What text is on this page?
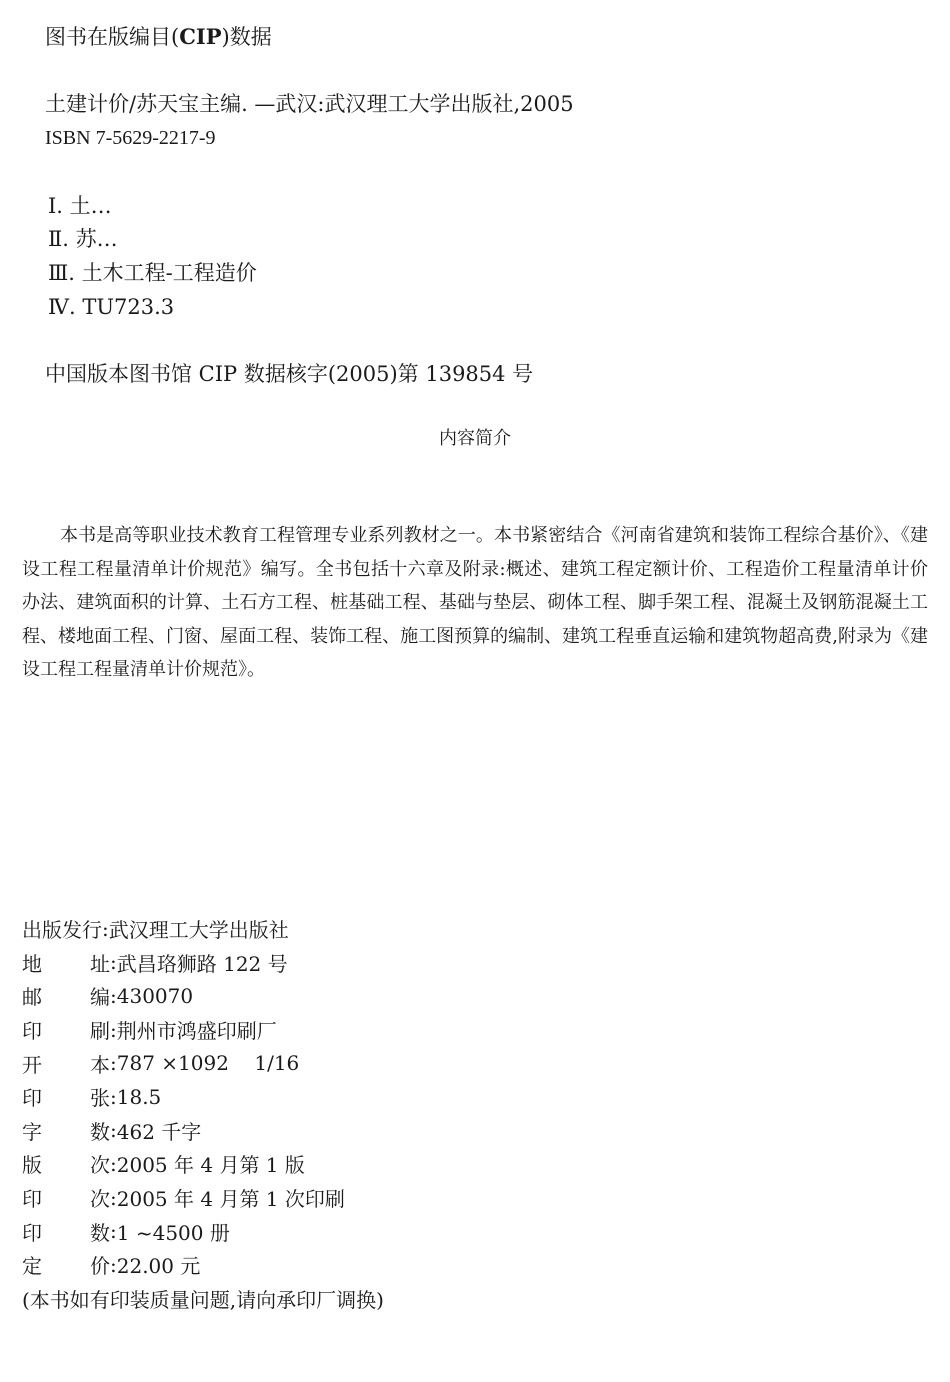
图书在版编目(CIP)数据
土建计价/苏天宝主编. —武汉:武汉理工大学出版社,2005
ISBN 7-5629-2217-9
Ⅰ. 土…
Ⅱ. 苏…
Ⅲ. 土木工程-工程造价
Ⅳ. TU723.3
中国版本图书馆 CIP 数据核字(2005)第 139854 号
内容简介

本书是高等职业技术教育工程管理专业系列教材之一。本书紧密结合《河南省建筑和装饰工程综合基价》、《建设工程工程量清单计价规范》编写。全书包括十六章及附录:概述、建筑工程定额计价、工程造价工程量清单计价办法、建筑面积的计算、土石方工程、桩基础工程、基础与垫层、砌体工程、脚手架工程、混凝土及钢筋混凝土工程、楼地面工程、门窗、屋面工程、装饰工程、施工图预算的编制、建筑工程垂直运输和建筑物超高费,附录为《建设工程工程量清单计价规范》。

出 版 发 行 : 武汉理工大学出版社
地 址 : 武昌珞狮路 122 号
邮 编 : 430070
印 刷 : 荆州市鸿盛印刷厂
开 本 : 787 ×1092    1/16
印 张 : 18.5
字 数 : 462 千字
版 次 : 2005 年 4 月第 1 版
印 次 : 2005 年 4 月第 1 次印刷
印 数 : 1 ~4500 册
定 价 : 22.00 元
(本书如有印装质量问题,请向承印厂调换)
